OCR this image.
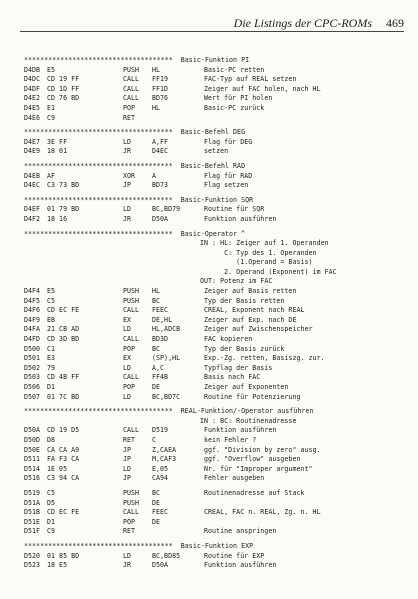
Die Listings der CPC-ROMs 469
*************************************  Basic-Funktion PI
D4DB E5	PUSH HL	Basic-PC retten
D4DC CD 19 FF	CALL FF19	FAC-Typ auf REAL setzen
D4DF CD 1D FF	CALL FF1D	Zeiger auf FAC holen, nach HL
D4E2 CD 76 BD	CALL BD76	Wert für PI holen
D4E5 E1	POP	HL	Basic-PC zurück
D4E6 C9	RET
*************************************  Basic-Befehl DEG
D4E7 3E FF	LD	A,FF	Flag für DEG
D4E9 18 01	JR	D4EC	setzen
*************************************  Basic-Befehl RAD
D4EB AF	XOR	A	Flag für RAD
D4EC C3 73 BD	JP	BD73	Flag setzen
*************************************  Basic-Funktion SQR
D4EF 01 79 BD	LD	BC,BD79	Routine für SQR
D4F2 18 16	JR	D50A	Funktion ausführen
*************************************  Basic-Operator ^
IN : HL: Zeiger auf 1. Operanden
C: Typ des 1. Operanden
(1.Operand = Basis)
2. Operand (Exponent) im FAC
OUT: Potenz im FAC
D4F4 E5	PUSH HL	Zeiger auf Basis retten
D4F5 C5	PUSH BC	Typ der Basis retten
D4F6 CD EC FE	CALL FEEC	CREAL, Exponent nach REAL
D4F9 EB	EX	DE,HL	Zeiger auf Exp. nach DE
D4FA 21 CB AD	LD	HL,ADCB	Zeiger auf Zwischenspeicher
D4FD CD 3D BD	CALL BD3D	FAC kopieren
D500 C1	POP	BC	Typ der Basis zurück
D501 E3	EX	(SP),HL	Exp.-Zg. retten, Basiszg. zur.
D502 79	LD	A,C	Typflag der Basis
D503 CD 4B FF	CALL FF4B	Basis nach FAC
D506 D1	POP	DE	Zeiger auf Exponenten
D507 01 7C BD	LD	BC,BD7C	Routine für Potenzierung
*************************************  REAL-Funktion/-Operator ausführen
IN : BC: Routinenadresse
D50A CD 19 D5	CALL D519	Funktion ausführen
D50D D8	RET	C	kein Fehler ?
D50E CA CA A9	JP	Z,CAEA	ggf. "Division by zero" ausg.
D511 FA F3 CA	JP	M,CAF3	ggf. "Overflow" ausgeben
D514 1E 05	LD	E,05	Nr. für "Improper argument"
D516 C3 94 CA	JP	CA94	Fehler ausgeben
D519 C5	PUSH BC	Routinenadresse auf Stack
D51A D5	PUSH DE
D51B CD EC FE	CALL FEEC	CREAL, FAC n. REAL, Zg. n. HL
D51E D1	POP	DE
D51F C9	RET	Routine anspringen
*************************************  Basic-Funktion EXP
D520 01 85 BD	LD	BC,BD85	Routine für EXP
D523 18 E5	JR	D50A	Funktion ausführen
